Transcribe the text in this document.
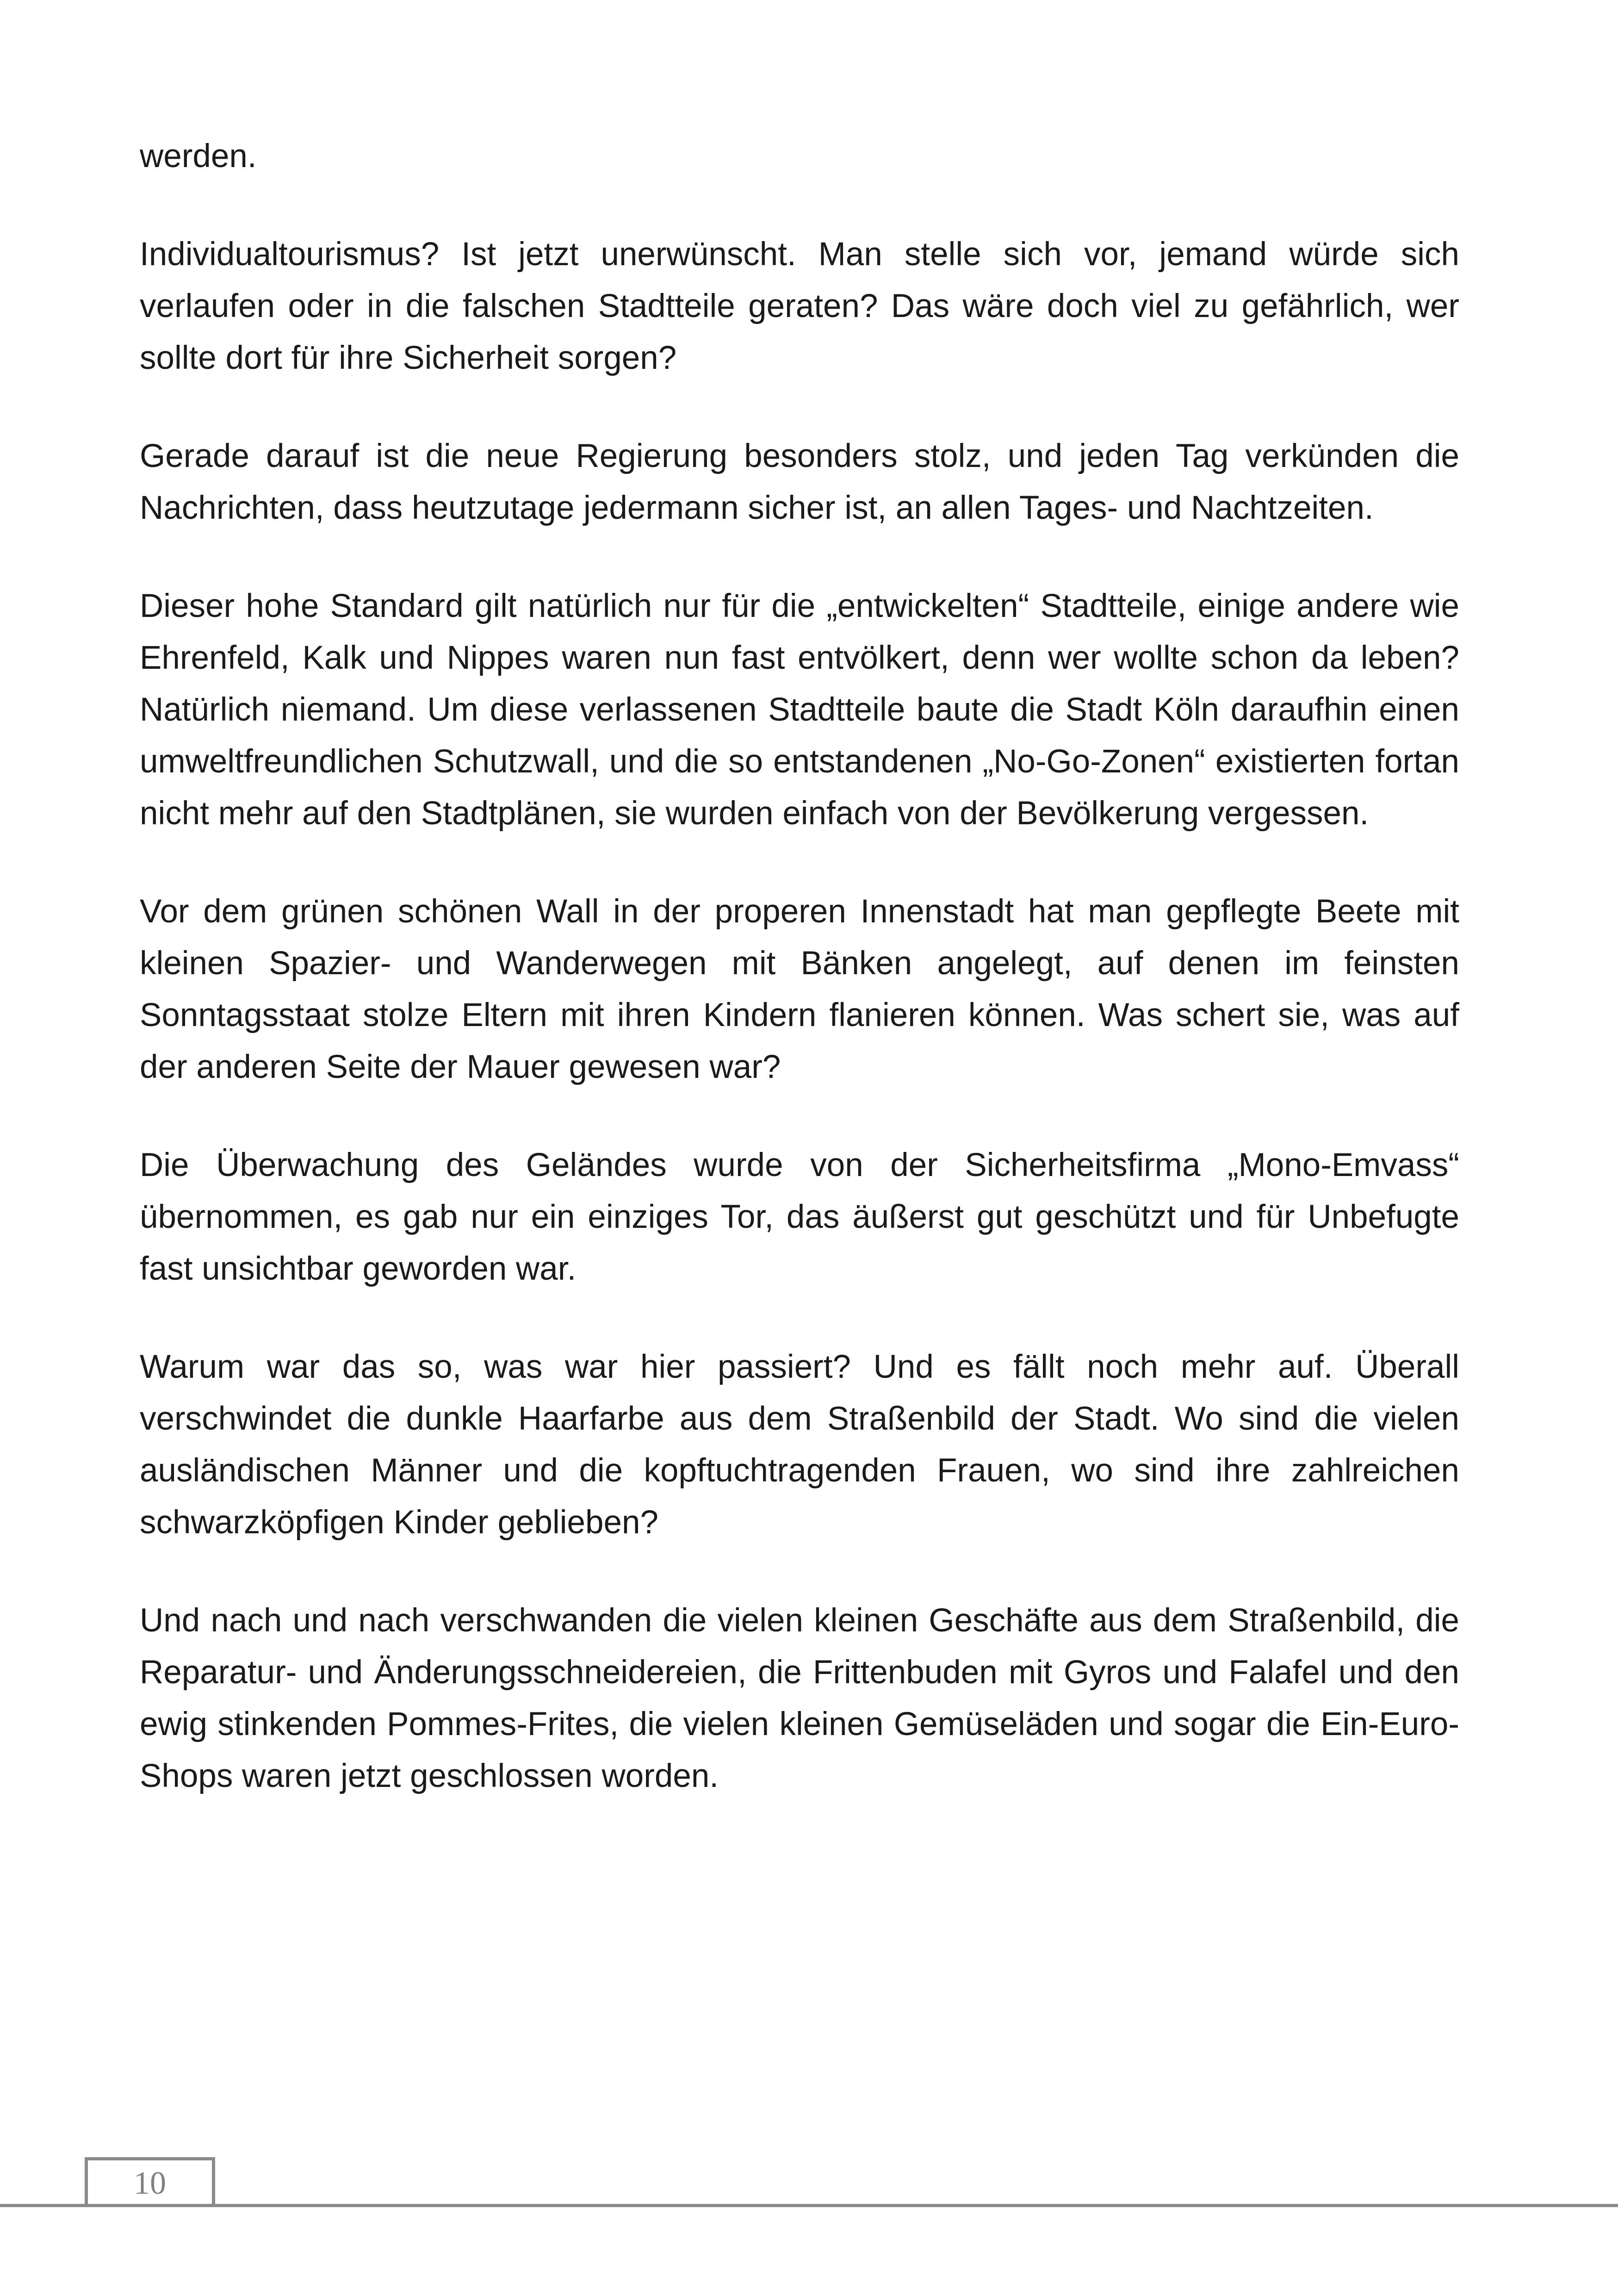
werden.

Individualtourismus? Ist jetzt unerwünscht. Man stelle sich vor, jemand würde sich verlaufen oder in die falschen Stadtteile geraten? Das wäre doch viel zu gefährlich, wer sollte dort für ihre Sicherheit sorgen?

Gerade darauf ist die neue Regierung besonders stolz, und jeden Tag verkünden die Nachrichten, dass heutzutage jedermann sicher ist, an allen Tages- und Nachtzeiten.

Dieser hohe Standard gilt natürlich nur für die „entwickelten“ Stadtteile, einige andere wie Ehrenfeld, Kalk und Nippes waren nun fast entvölkert, denn wer wollte schon da leben? Natürlich niemand. Um diese verlassenen Stadtteile baute die Stadt Köln daraufhin einen umweltfreundlichen Schutzwall, und die so entstandenen „No-Go-Zonen“ existierten fortan nicht mehr auf den Stadtplänen, sie wurden einfach von der Bevölkerung vergessen.

Vor dem grünen schönen Wall in der properen Innenstadt hat man gepflegte Beete mit kleinen Spazier- und Wanderwegen mit Bänken angelegt, auf denen im feinsten Sonntagsstaat stolze Eltern mit ihren Kindern flanieren können. Was schert sie, was auf der anderen Seite der Mauer gewesen war?

Die Überwachung des Geländes wurde von der Sicherheitsfirma „Mono-Emvass“ übernommen, es gab nur ein einziges Tor, das äußerst gut geschützt und für Unbefugte fast unsichtbar geworden war.

Warum war das so, was war hier passiert? Und es fällt noch mehr auf. Überall verschwindet die dunkle Haarfarbe aus dem Straßenbild der Stadt. Wo sind die vielen ausländischen Männer und die kopftuchtragenden Frauen, wo sind ihre zahlreichen schwarzköpfigen Kinder geblieben?

Und nach und nach verschwanden die vielen kleinen Geschäfte aus dem Straßenbild, die Reparatur- und Änderungsschneidereien, die Frittenbuden mit Gyros und Falafel und den ewig stinkenden Pommes-Frites, die vielen kleinen Gemüseläden und sogar die Ein-Euro- Shops waren jetzt geschlossen worden.

10
